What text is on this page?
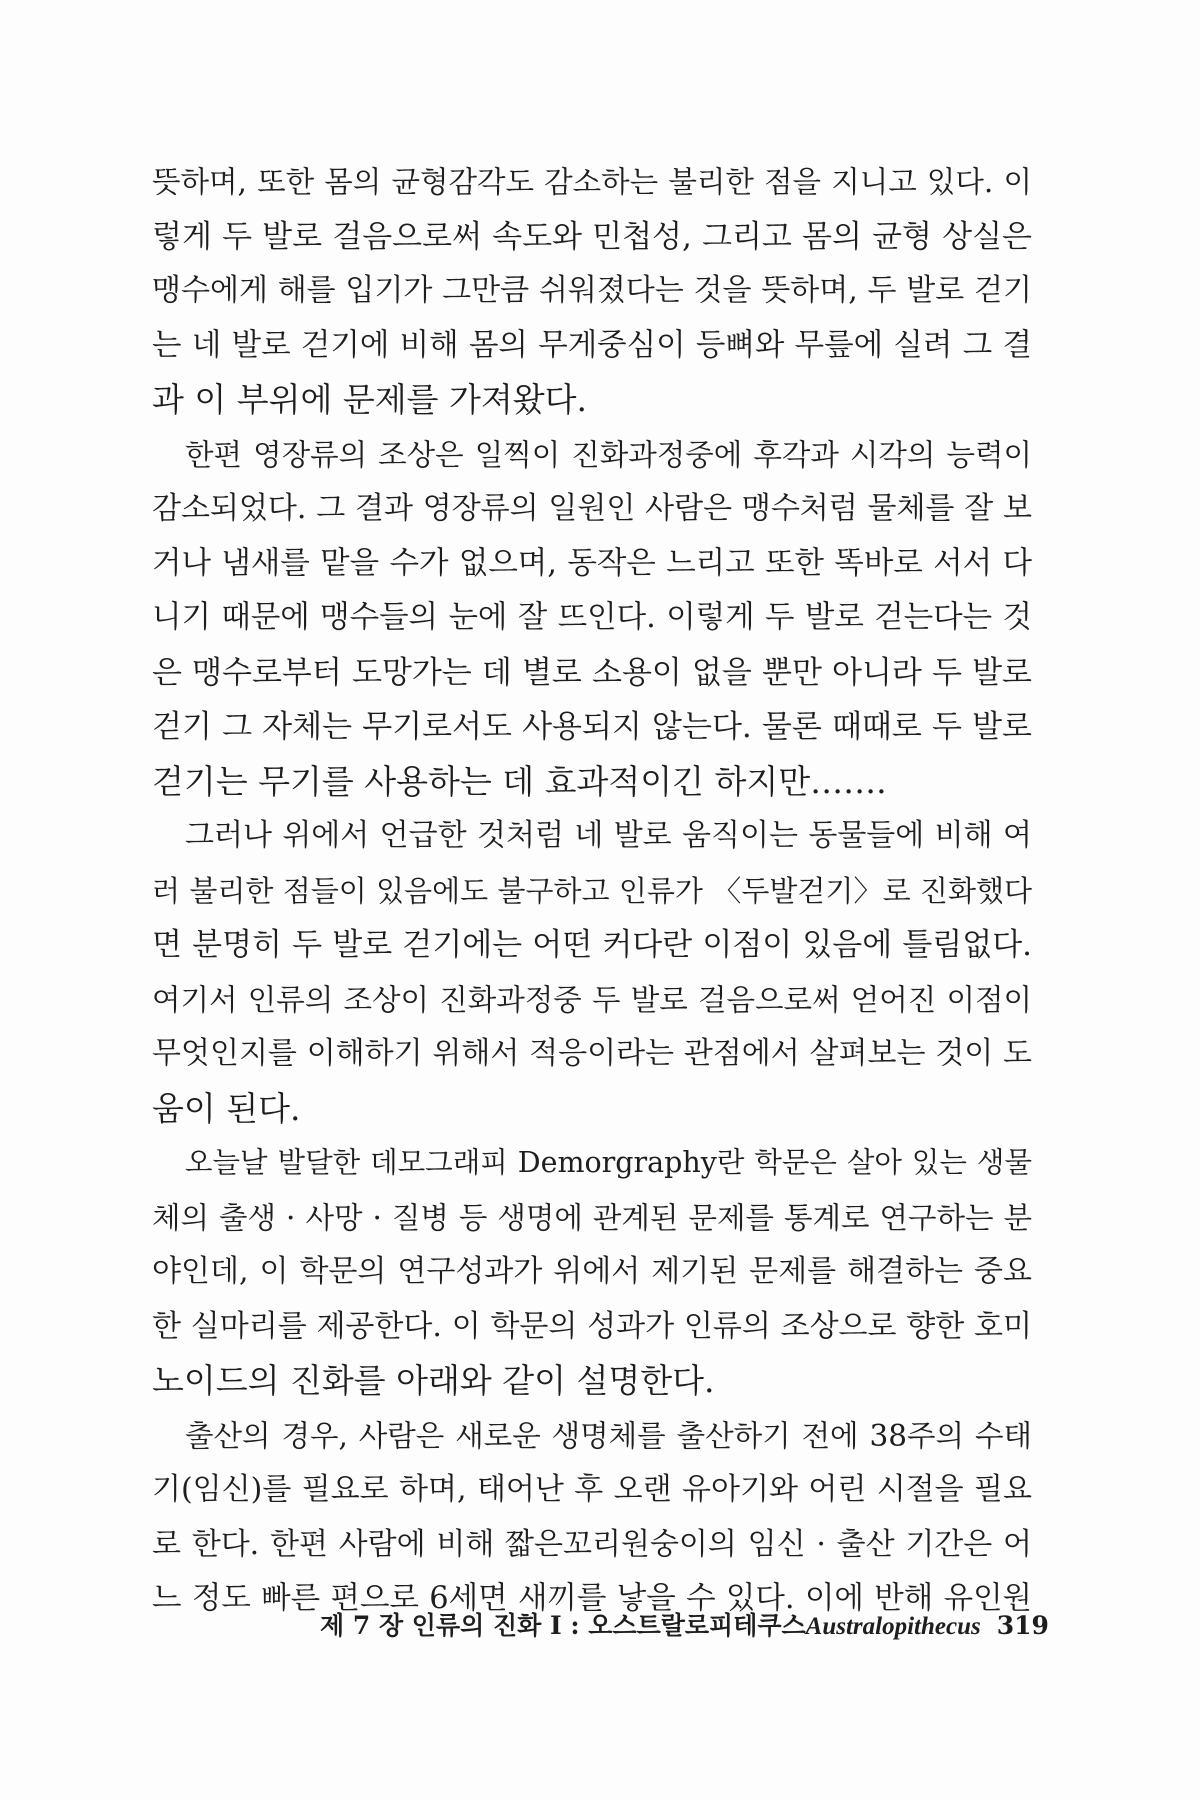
뜻하며, 또한 몸의 균형감각도 감소하는 불리한 점을 지니고 있다. 이
렇게 두 발로 걸음으로써 속도와 민첩성, 그리고 몸의 균형 상실은
맹수에게 해를 입기가 그만큼 쉬워졌다는 것을 뜻하며, 두 발로 걷기
는 네 발로 걷기에 비해 몸의 무게중심이 등뼈와 무릎에 실려 그 결
과 이 부위에 문제를 가져왔다.
한편 영장류의 조상은 일찍이 진화과정중에 후각과 시각의 능력이
감소되었다. 그 결과 영장류의 일원인 사람은 맹수처럼 물체를 잘 보
거나 냄새를 맡을 수가 없으며, 동작은 느리고 또한 똑바로 서서 다
니기 때문에 맹수들의 눈에 잘 뜨인다. 이렇게 두 발로 걷는다는 것
은 맹수로부터 도망가는 데 별로 소용이 없을 뿐만 아니라 두 발로
걷기 그 자체는 무기로서도 사용되지 않는다. 물론 때때로 두 발로
걷기는 무기를 사용하는 데 효과적이긴 하지만…….
그러나 위에서 언급한 것처럼 네 발로 움직이는 동물들에 비해 여
러 불리한 점들이 있음에도 불구하고 인류가 〈두발걷기〉로 진화했다
면 분명히 두 발로 걷기에는 어떤 커다란 이점이 있음에 틀림없다.
여기서 인류의 조상이 진화과정중 두 발로 걸음으로써 얻어진 이점이
무엇인지를 이해하기 위해서 적응이라는 관점에서 살펴보는 것이 도
움이 된다.
오늘날 발달한 데모그래피 Demorgraphy란 학문은 살아 있는 생물
체의 출생 · 사망 · 질병 등 생명에 관계된 문제를 통계로 연구하는 분
야인데, 이 학문의 연구성과가 위에서 제기된 문제를 해결하는 중요
한 실마리를 제공한다. 이 학문의 성과가 인류의 조상으로 향한 호미
노이드의 진화를 아래와 같이 설명한다.
출산의 경우, 사람은 새로운 생명체를 출산하기 전에 38주의 수태
기(임신)를 필요로 하며, 태어난 후 오랜 유아기와 어린 시절을 필요
로 한다. 한편 사람에 비해 짧은꼬리원숭이의 임신 · 출산 기간은 어
느 정도 빠른 편으로 6세면 새끼를 낳을 수 있다. 이에 반해 유인원
제 7 장 인류의 진화 Ⅰ : 오스트랄로피테쿠스Australopithecus 319
